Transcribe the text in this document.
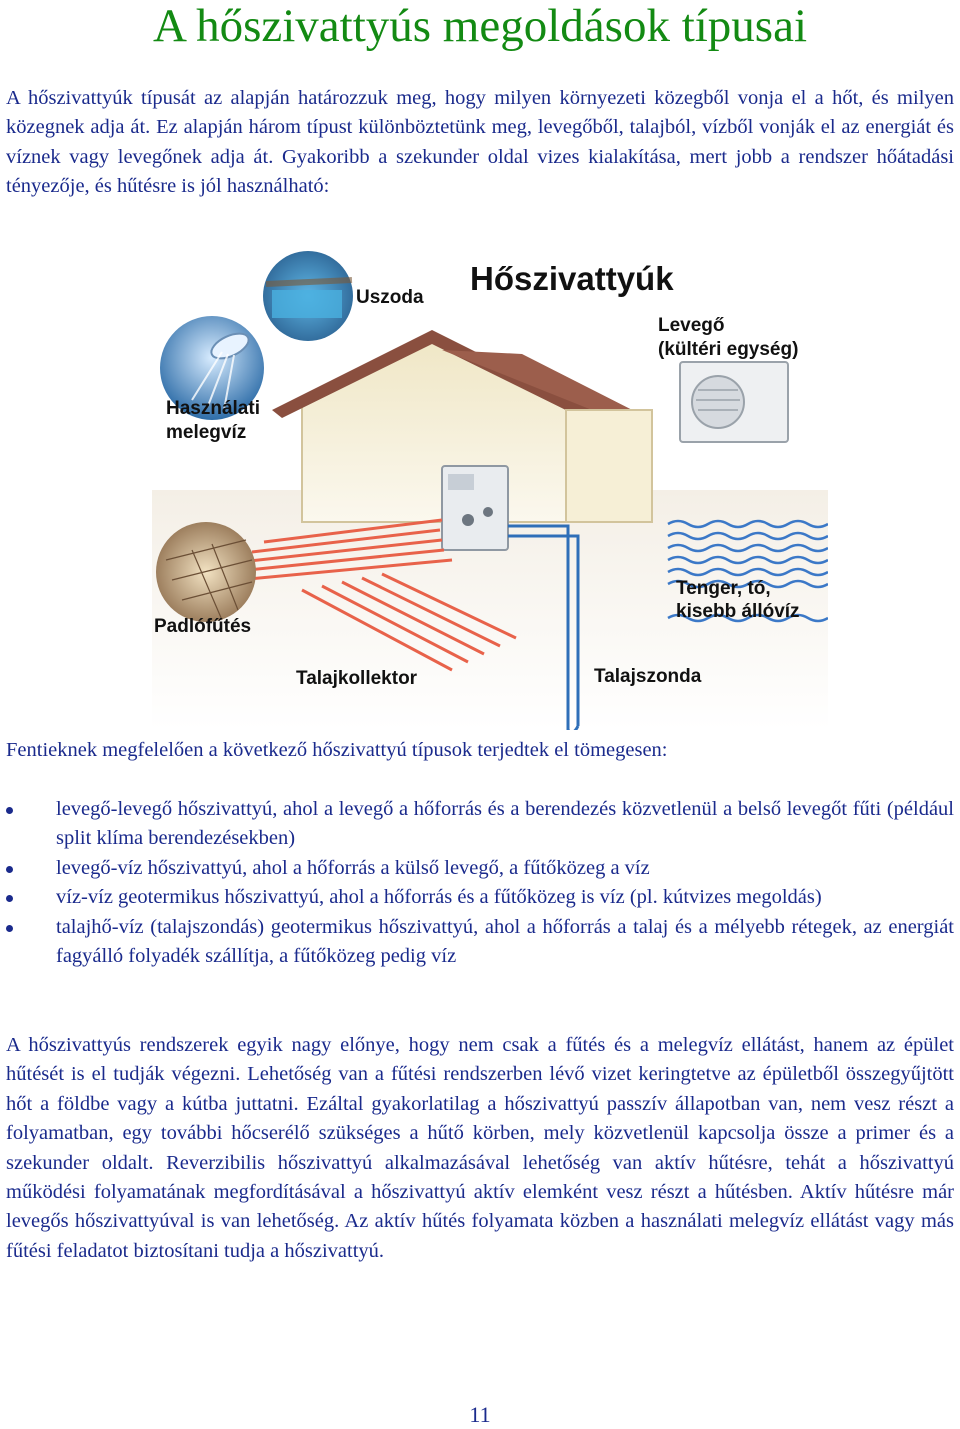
A hőszivattyús megoldások típusai

A hőszivattyúk típusát az alapján határozzuk meg, hogy milyen környezeti közegből vonja el a hőt, és milyen közegnek adja át. Ez alapján három típust különböztetünk meg, levegőből, talajból, vízből vonják el az energiát és víznek vagy levegőnek adja át. Gyakoribb a szekunder oldal vizes kialakítása, mert jobb a rendszer hőátadási tényezője, és hűtésre is jól használható:

Uszoda
Hőszivattyúk
Használati
melegvíz
Levegő
(kültéri egység)
Padlófűtés
Tenger, tó,
kisebb állóvíz
Talajkollektor	Talajszonda

Fentieknek megfelelően a következő hőszivattyú típusok terjedtek el tömegesen:

levegő-levegő hőszivattyú, ahol a levegő a hőforrás és a berendezés közvetlenül a belső levegőt fűti (például split klíma berendezésekben)
levegő-víz hőszivattyú, ahol a hőforrás a külső levegő, a fűtőközeg a víz
víz-víz geotermikus hőszivattyú, ahol a hőforrás és a fűtőközeg is víz (pl. kútvizes megoldás)
talajhő-víz (talajszondás) geotermikus hőszivattyú, ahol a hőforrás a talaj és a mélyebb rétegek, az energiát fagyálló folyadék szállítja, a fűtőközeg pedig víz

A hőszivattyús rendszerek egyik nagy előnye, hogy nem csak a fűtés és a melegvíz ellátást, hanem az épület hűtését is el tudják végezni. Lehetőség van a fűtési rendszerben lévő vizet keringtetve az épületből összegyűjtött hőt a földbe vagy a kútba juttatni. Ezáltal gyakorlatilag a hőszivattyú passzív állapotban van, nem vesz részt a folyamatban, egy további hőcserélő szükséges a hűtő körben, mely közvetlenül kapcsolja össze a primer és a szekunder oldalt. Reverzibilis hőszivattyú alkalmazásával lehetőség van aktív hűtésre, tehát a hőszivattyú működési folyamatának megfordításával a hőszivattyú aktív elemként vesz részt a hűtésben. Aktív hűtésre már levegős hőszivattyúval is van lehetőség. Az aktív hűtés folyamata közben a használati melegvíz ellátást vagy más fűtési feladatot biztosítani tudja a hőszivattyú.

11
